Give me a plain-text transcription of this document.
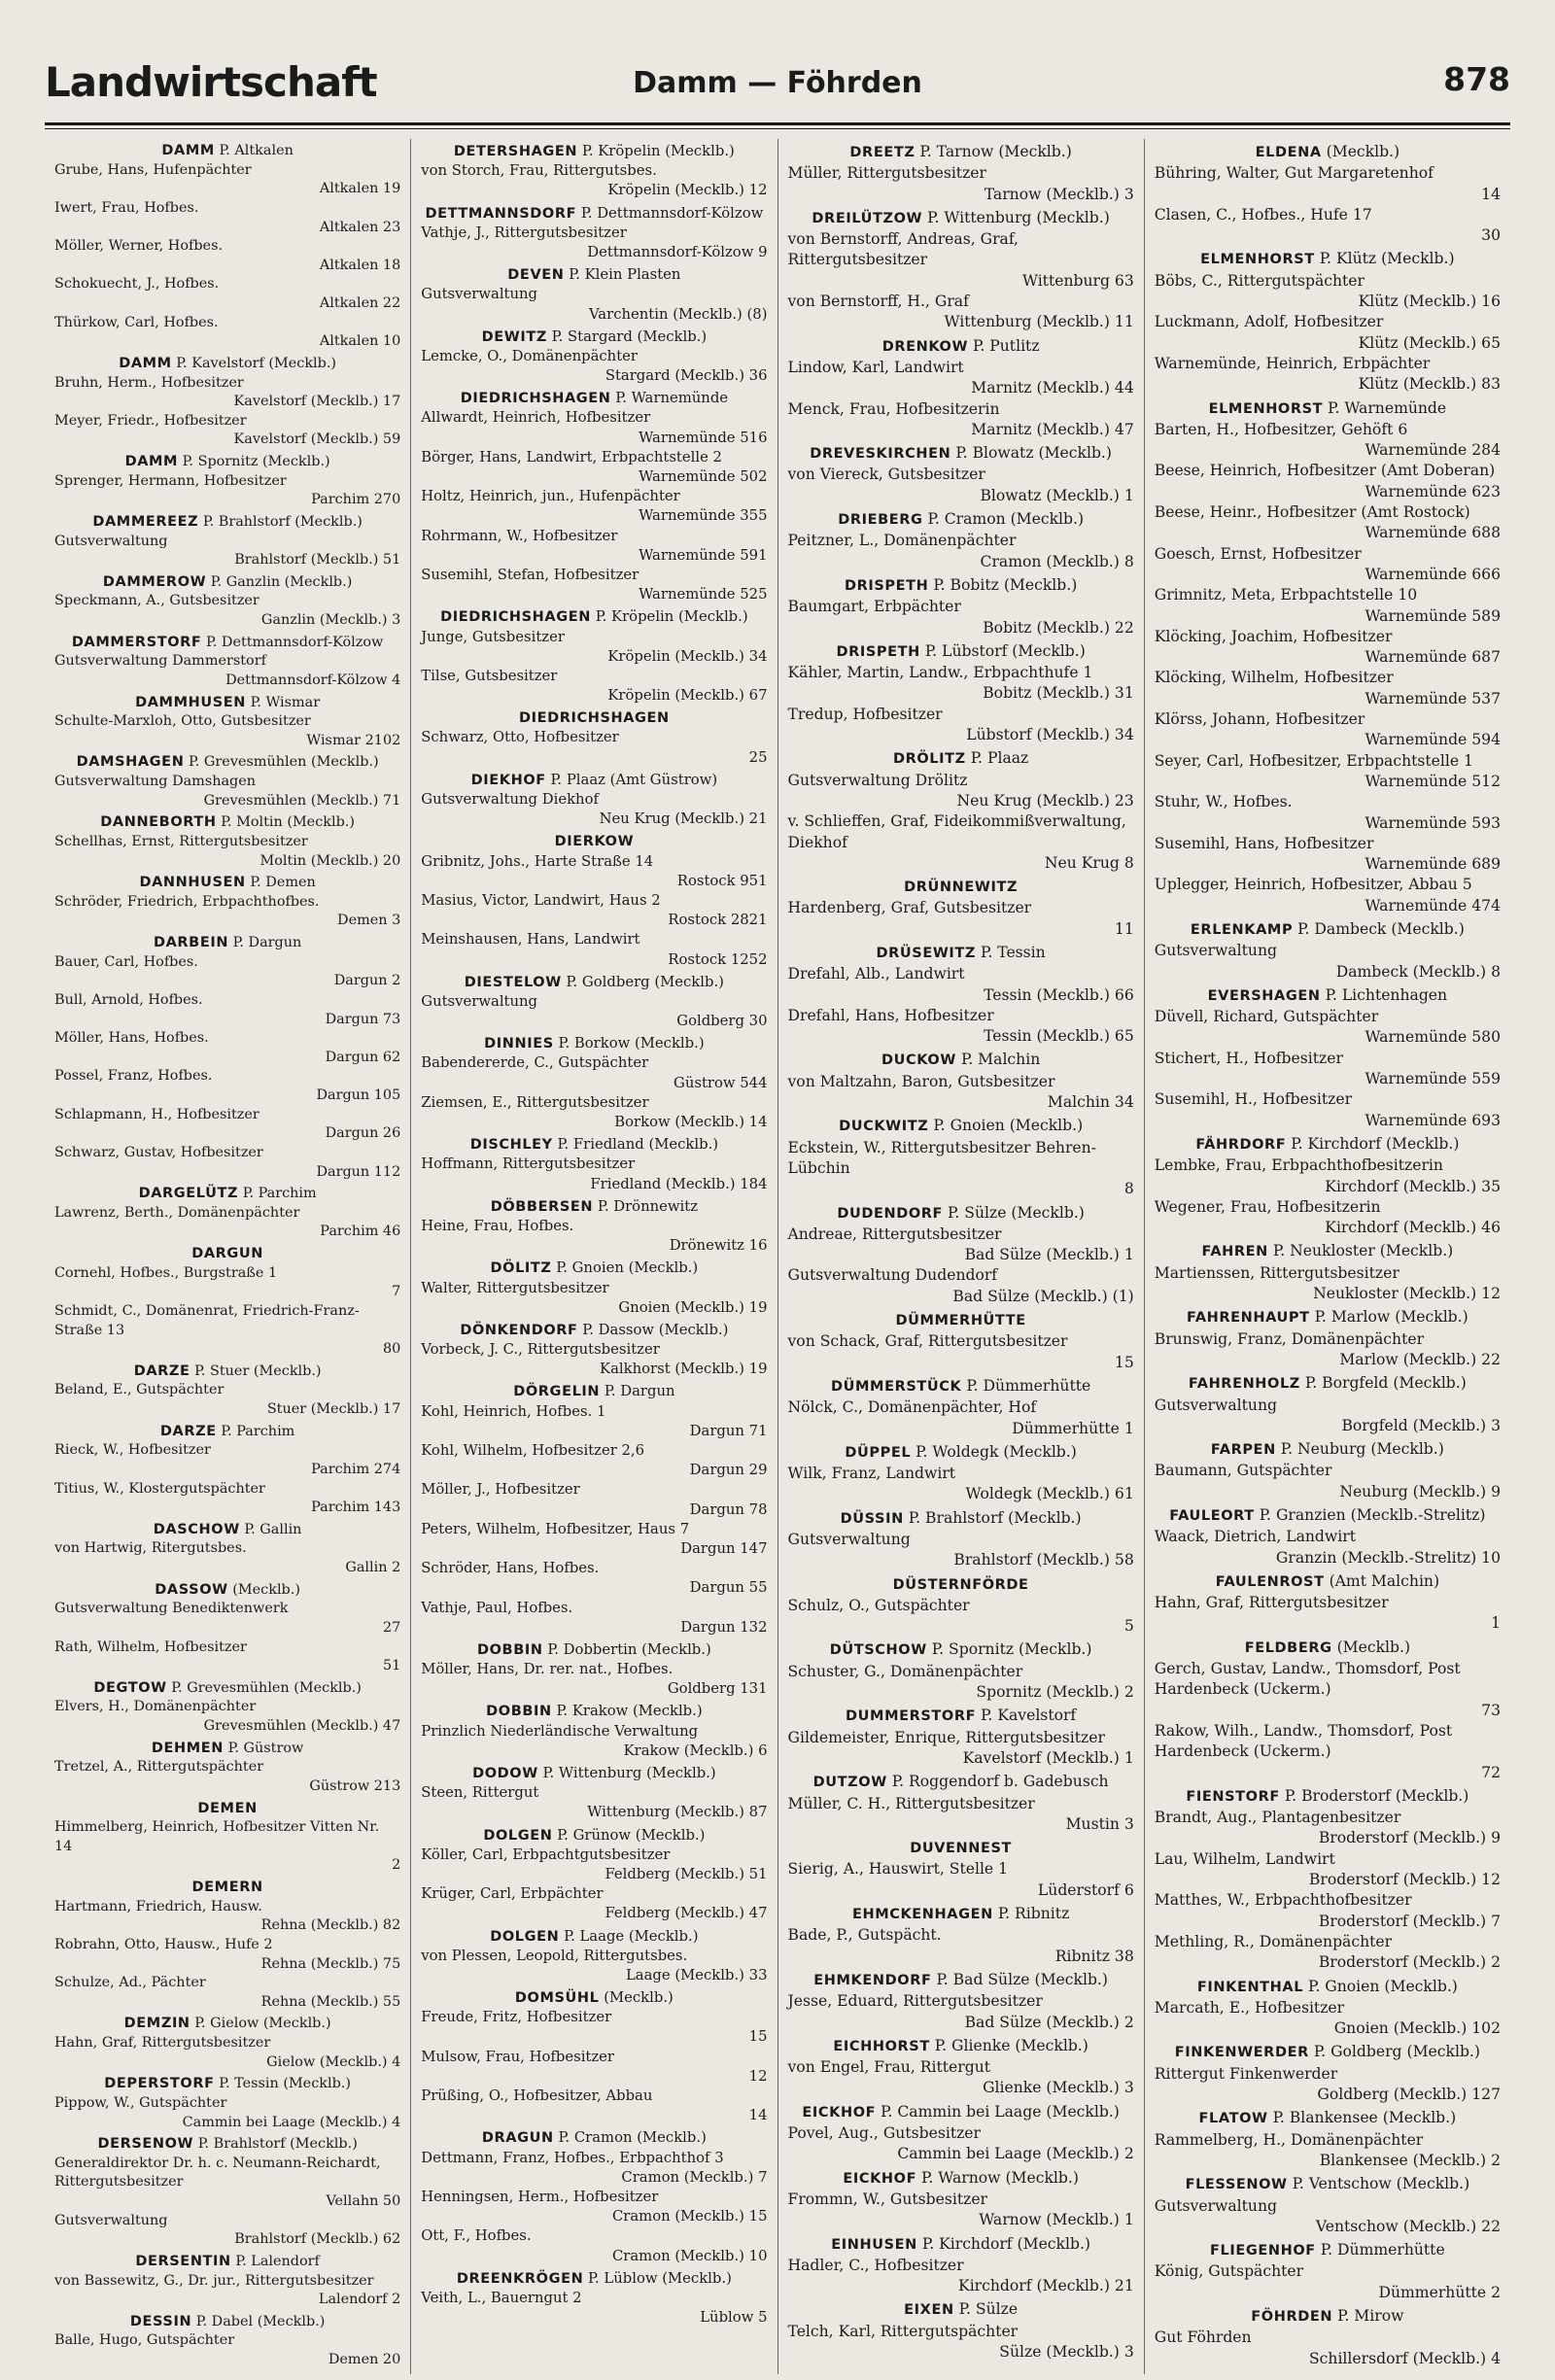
Landwirtschaft	Damm — Föhrden	878
DAMM P. Altkalen
Grube, Hans, Hufenpächter
Altkalen 19
Iwert, Frau, Hofbes.
Altkalen 23
Möller, Werner, Hofbes.
Altkalen 18
Schokuecht, J., Hofbes.
Altkalen 22
Thürkow, Carl, Hofbes.
Altkalen 10
DAMM P. Kavelstorf (Mecklb.)
Bruhn, Herm., Hofbesitzer
Kavelstorf (Mecklb.) 17
Meyer, Friedr., Hofbesitzer
Kavelstorf (Mecklb.) 59
DAMM P. Spornitz (Mecklb.)
Sprenger, Hermann, Hofbesitzer
Parchim 270
DAMMEREEZ P. Brahlstorf (Mecklb.)
Gutsverwaltung
Brahlstorf (Mecklb.) 51
DAMMEROW P. Ganzlin (Mecklb.)
Speckmann, A., Gutsbesitzer
Ganzlin (Mecklb.) 3
DAMMERSTORF P. Dettmannsdorf-Kölzow
Gutsverwaltung Dammerstorf
Dettmannsdorf-Kölzow 4
DAMMHUSEN P. Wismar
Schulte-Marxloh, Otto, Gutsbesitzer
Wismar 2102
DAMSHAGEN P. Grevesmühlen (Mecklb.)
Gutsverwaltung Damshagen
Grevesmühlen (Mecklb.) 71
DANNEBORTH P. Moltin (Mecklb.)
Schellhas, Ernst, Rittergutsbesitzer
Moltin (Mecklb.) 20
DANNHUSEN P. Demen
Schröder, Friedrich, Erbpachthofbes.
Demen 3
DARBEIN P. Dargun
Bauer, Carl, Hofbes.
Dargun 2
Bull, Arnold, Hofbes.
Dargun 73
Möller, Hans, Hofbes.
Dargun 62
Possel, Franz, Hofbes.
Dargun 105
Schlapmann, H., Hofbesitzer
Dargun 26
Schwarz, Gustav, Hofbesitzer
Dargun 112
DARGELÜTZ P. Parchim
Lawrenz, Berth., Domänenpächter
Parchim 46
DARGUN
Cornehl, Hofbes., Burgstraße 1
7
Schmidt, C., Domänenrat, Friedrich-Franz-Straße 13
80
DARZE P. Stuer (Mecklb.)
Beland, E., Gutspächter
Stuer (Mecklb.) 17
DARZE P. Parchim
Rieck, W., Hofbesitzer
Parchim 274
Titius, W., Klostergutspächter
Parchim 143
DASCHOW P. Gallin
von Hartwig, Ritergutsbes.
Gallin 2
DASSOW (Mecklb.)
Gutsverwaltung Benediktenwerk
27
Rath, Wilhelm, Hofbesitzer
51
DEGTOW P. Grevesmühlen (Mecklb.)
Elvers, H., Domänenpächter
Grevesmühlen (Mecklb.) 47
DEHMEN P. Güstrow
Tretzel, A., Rittergutspächter
Güstrow 213
DEMEN
Himmelberg, Heinrich, Hofbesitzer Vitten Nr. 14
2
DEMERN
Hartmann, Friedrich, Hausw.
Rehna (Mecklb.) 82
Robrahn, Otto, Hausw., Hufe 2
Rehna (Mecklb.) 75
Schulze, Ad., Pächter
Rehna (Mecklb.) 55
DEMZIN P. Gielow (Mecklb.)
Hahn, Graf, Rittergutsbesitzer
Gielow (Mecklb.) 4
DEPERSTORF P. Tessin (Mecklb.)
Pippow, W., Gutspächter
Cammin bei Laage (Mecklb.) 4
DERSENOW P. Brahlstorf (Mecklb.)
Generaldirektor Dr. h. c. Neumann-Reichardt, Rittergutsbesitzer
Vellahn 50
Gutsverwaltung
Brahlstorf (Mecklb.) 62
DERSENTIN P. Lalendorf
von Bassewitz, G., Dr. jur., Rittergutsbesitzer
Lalendorf 2
DESSIN P. Dabel (Mecklb.)
Balle, Hugo, Gutspächter
Demen 20
DETERSHAGEN P. Kröpelin (Mecklb.)
von Storch, Frau, Rittergutsbes.
Kröpelin (Mecklb.) 12
DETTMANNSDORF P. Dettmannsdorf-Kölzow
Vathje, J., Rittergutsbesitzer
Dettmannsdorf-Kölzow 9
DEVEN P. Klein Plasten
Gutsverwaltung
Varchentin (Mecklb.) (8)
DEWITZ P. Stargard (Mecklb.)
Lemcke, O., Domänenpächter
Stargard (Mecklb.) 36
DIEDRICHSHAGEN P. Warnemünde
Allwardt, Heinrich, Hofbesitzer
Warnemünde 516
Börger, Hans, Landwirt, Erbpachtstelle 2
Warnemünde 502
Holtz, Heinrich, jun., Hufenpächter
Warnemünde 355
Rohrmann, W., Hofbesitzer
Warnemünde 591
Susemihl, Stefan, Hofbesitzer
Warnemünde 525
DIEDRICHSHAGEN P. Kröpelin (Mecklb.)
Junge, Gutsbesitzer
Kröpelin (Mecklb.) 34
Tilse, Gutsbesitzer
Kröpelin (Mecklb.) 67
DIEDRICHSHAGEN
Schwarz, Otto, Hofbesitzer
25
DIEKHOF P. Plaaz (Amt Güstrow)
Gutsverwaltung Diekhof
Neu Krug (Mecklb.) 21
DIERKOW
Gribnitz, Johs., Harte Straße 14
Rostock 951
Masius, Victor, Landwirt, Haus 2
Rostock 2821
Meinshausen, Hans, Landwirt
Rostock 1252
DIESTELOW P. Goldberg (Mecklb.)
Gutsverwaltung
Goldberg 30
DINNIES P. Borkow (Mecklb.)
Babendererde, C., Gutspächter
Güstrow 544
Ziemsen, E., Rittergutsbesitzer
Borkow (Mecklb.) 14
DISCHLEY P. Friedland (Mecklb.)
Hoffmann, Rittergutsbesitzer
Friedland (Mecklb.) 184
DÖBBERSEN P. Drönnewitz
Heine, Frau, Hofbes.
Drönewitz 16
DÖLITZ P. Gnoien (Mecklb.)
Walter, Rittergutsbesitzer
Gnoien (Mecklb.) 19
DÖNKENDORF P. Dassow (Mecklb.)
Vorbeck, J. C., Rittergutsbesitzer
Kalkhorst (Mecklb.) 19
DÖRGELIN P. Dargun
Kohl, Heinrich, Hofbes. 1
Dargun 71
Kohl, Wilhelm, Hofbesitzer 2,6
Dargun 29
Möller, J., Hofbesitzer
Dargun 78
Peters, Wilhelm, Hofbesitzer, Haus 7
Dargun 147
Schröder, Hans, Hofbes.
Dargun 55
Vathje, Paul, Hofbes.
Dargun 132
DOBBIN P. Dobbertin (Mecklb.)
Möller, Hans, Dr. rer. nat., Hofbes.
Goldberg 131
DOBBIN P. Krakow (Mecklb.)
Prinzlich Niederländische Verwaltung
Krakow (Mecklb.) 6
DODOW P. Wittenburg (Mecklb.)
Steen, Rittergut
Wittenburg (Mecklb.) 87
DOLGEN P. Grünow (Mecklb.)
Köller, Carl, Erbpachtgutsbesitzer
Feldberg (Mecklb.) 51
Krüger, Carl, Erbpächter
Feldberg (Mecklb.) 47
DOLGEN P. Laage (Mecklb.)
von Plessen, Leopold, Rittergutsbes.
Laage (Mecklb.) 33
DOMSÜHL (Mecklb.)
Freude, Fritz, Hofbesitzer
15
Mulsow, Frau, Hofbesitzer
12
Prüßing, O., Hofbesitzer, Abbau
14
DRAGUN P. Cramon (Mecklb.)
Dettmann, Franz, Hofbes., Erbpachthof 3
Cramon (Mecklb.) 7
Henningsen, Herm., Hofbesitzer
Cramon (Mecklb.) 15
Ott, F., Hofbes.
Cramon (Mecklb.) 10
DREENKRÖGEN P. Lüblow (Mecklb.)
Veith, L., Bauerngut 2
Lüblow 5
DREETZ P. Tarnow (Mecklb.)
Müller, Rittergutsbesitzer
Tarnow (Mecklb.) 3
DREILÜTZOW P. Wittenburg (Mecklb.)
von Bernstorff, Andreas, Graf, Rittergutsbesitzer
Wittenburg 63
von Bernstorff, H., Graf
Wittenburg (Mecklb.) 11
DRENKOW P. Putlitz
Lindow, Karl, Landwirt
Marnitz (Mecklb.) 44
Menck, Frau, Hofbesitzerin
Marnitz (Mecklb.) 47
DREVESKIRCHEN P. Blowatz (Mecklb.)
von Viereck, Gutsbesitzer
Blowatz (Mecklb.) 1
DRIEBERG P. Cramon (Mecklb.)
Peitzner, L., Domänenpächter
Cramon (Mecklb.) 8
DRISPETH P. Bobitz (Mecklb.)
Baumgart, Erbpächter
Bobitz (Mecklb.) 22
DRISPETH P. Lübstorf (Mecklb.)
Kähler, Martin, Landw., Erbpachthufe 1
Bobitz (Mecklb.) 31
Tredup, Hofbesitzer
Lübstorf (Mecklb.) 34
DRÖLITZ P. Plaaz
Gutsverwaltung Drölitz
Neu Krug (Mecklb.) 23
v. Schlieffen, Graf, Fideikommißverwaltung, Diekhof
Neu Krug 8
DRÜNNEWITZ
Hardenberg, Graf, Gutsbesitzer
11
DRÜSEWITZ P. Tessin
Drefahl, Alb., Landwirt
Tessin (Mecklb.) 66
Drefahl, Hans, Hofbesitzer
Tessin (Mecklb.) 65
DUCKOW P. Malchin
von Maltzahn, Baron, Gutsbesitzer
Malchin 34
DUCKWITZ P. Gnoien (Mecklb.)
Eckstein, W., Rittergutsbesitzer Behren-Lübchin
8
DUDENDORF P. Sülze (Mecklb.)
Andreae, Rittergutsbesitzer
Bad Sülze (Mecklb.) 1
Gutsverwaltung Dudendorf
Bad Sülze (Mecklb.) (1)
DÜMMERHÜTTE
von Schack, Graf, Rittergutsbesitzer
15
DÜMMERSTÜCK P. Dümmerhütte
Nölck, C., Domänenpächter, Hof
Dümmerhütte 1
DÜPPEL P. Woldegk (Mecklb.)
Wilk, Franz, Landwirt
Woldegk (Mecklb.) 61
DÜSSIN P. Brahlstorf (Mecklb.)
Gutsverwaltung
Brahlstorf (Mecklb.) 58
DÜSTERNFÖRDE
Schulz, O., Gutspächter
5
DÜTSCHOW P. Spornitz (Mecklb.)
Schuster, G., Domänenpächter
Spornitz (Mecklb.) 2
DUMMERSTORF P. Kavelstorf
Gildemeister, Enrique, Rittergutsbesitzer
Kavelstorf (Mecklb.) 1
DUTZOW P. Roggendorf b. Gadebusch
Müller, C. H., Rittergutsbesitzer
Mustin 3
DUVENNEST
Sierig, A., Hauswirt, Stelle 1
Lüderstorf 6
EHMCKENHAGEN P. Ribnitz
Bade, P., Gutspächt.
Ribnitz 38
EHMKENDORF P. Bad Sülze (Mecklb.)
Jesse, Eduard, Rittergutsbesitzer
Bad Sülze (Mecklb.) 2
EICHHORST P. Glienke (Mecklb.)
von Engel, Frau, Rittergut
Glienke (Mecklb.) 3
EICKHOF P. Cammin bei Laage (Mecklb.)
Povel, Aug., Gutsbesitzer
Cammin bei Laage (Mecklb.) 2
EICKHOF P. Warnow (Mecklb.)
Frommn, W., Gutsbesitzer
Warnow (Mecklb.) 1
EINHUSEN P. Kirchdorf (Mecklb.)
Hadler, C., Hofbesitzer
Kirchdorf (Mecklb.) 21
EIXEN P. Sülze
Telch, Karl, Rittergutspächter
Sülze (Mecklb.) 3
ELDENA (Mecklb.)
Bühring, Walter, Gut Margaretenhof
14
Clasen, C., Hofbes., Hufe 17
30
ELMENHORST P. Klütz (Mecklb.)
Böbs, C., Rittergutspächter
Klütz (Mecklb.) 16
Luckmann, Adolf, Hofbesitzer
Klütz (Mecklb.) 65
Warnemünde, Heinrich, Erbpächter
Klütz (Mecklb.) 83
ELMENHORST P. Warnemünde
Barten, H., Hofbesitzer, Gehöft 6
Warnemünde 284
Beese, Heinrich, Hofbesitzer (Amt Doberan)
Warnemünde 623
Beese, Heinr., Hofbesitzer (Amt Rostock)
Warnemünde 688
Goesch, Ernst, Hofbesitzer
Warnemünde 666
Grimnitz, Meta, Erbpachtstelle 10
Warnemünde 589
Klöcking, Joachim, Hofbesitzer
Warnemünde 687
Klöcking, Wilhelm, Hofbesitzer
Warnemünde 537
Klörss, Johann, Hofbesitzer
Warnemünde 594
Seyer, Carl, Hofbesitzer, Erbpachtstelle 1
Warnemünde 512
Stuhr, W., Hofbes.
Warnemünde 593
Susemihl, Hans, Hofbesitzer
Warnemünde 689
Uplegger, Heinrich, Hofbesitzer, Abbau 5
Warnemünde 474
ERLENKAMP P. Dambeck (Mecklb.)
Gutsverwaltung
Dambeck (Mecklb.) 8
EVERSHAGEN P. Lichtenhagen
Düvell, Richard, Gutspächter
Warnemünde 580
Stichert, H., Hofbesitzer
Warnemünde 559
Susemihl, H., Hofbesitzer
Warnemünde 693
FÄHRDORF P. Kirchdorf (Mecklb.)
Lembke, Frau, Erbpachthofbesitzerin
Kirchdorf (Mecklb.) 35
Wegener, Frau, Hofbesitzerin
Kirchdorf (Mecklb.) 46
FAHREN P. Neukloster (Mecklb.)
Martienssen, Rittergutsbesitzer
Neukloster (Mecklb.) 12
FAHRENHAUPT P. Marlow (Mecklb.)
Brunswig, Franz, Domänenpächter
Marlow (Mecklb.) 22
FAHRENHOLZ P. Borgfeld (Mecklb.)
Gutsverwaltung
Borgfeld (Mecklb.) 3
FARPEN P. Neuburg (Mecklb.)
Baumann, Gutspächter
Neuburg (Mecklb.) 9
FAULEORT P. Granzien (Mecklb.-Strelitz)
Waack, Dietrich, Landwirt
Granzin (Mecklb.-Strelitz) 10
FAULENROST (Amt Malchin)
Hahn, Graf, Rittergutsbesitzer
1
FELDBERG (Mecklb.)
Gerch, Gustav, Landw., Thomsdorf, Post Hardenbeck (Uckerm.)
73
Rakow, Wilh., Landw., Thomsdorf, Post Hardenbeck (Uckerm.)
72
FIENSTORF P. Broderstorf (Mecklb.)
Brandt, Aug., Plantagenbesitzer
Broderstorf (Mecklb.) 9
Lau, Wilhelm, Landwirt
Broderstorf (Mecklb.) 12
Matthes, W., Erbpachthofbesitzer
Broderstorf (Mecklb.) 7
Methling, R., Domänenpächter
Broderstorf (Mecklb.) 2
FINKENTHAL P. Gnoien (Mecklb.)
Marcath, E., Hofbesitzer
Gnoien (Mecklb.) 102
FINKENWERDER P. Goldberg (Mecklb.)
Rittergut Finkenwerder
Goldberg (Mecklb.) 127
FLATOW P. Blankensee (Mecklb.)
Rammelberg, H., Domänenpächter
Blankensee (Mecklb.) 2
FLESSENOW P. Ventschow (Mecklb.)
Gutsverwaltung
Ventschow (Mecklb.) 22
FLIEGENHOF P. Dümmerhütte
König, Gutspächter
Dümmerhütte 2
FÖHRDEN P. Mirow
Gut Föhrden
Schillersdorf (Mecklb.) 4
